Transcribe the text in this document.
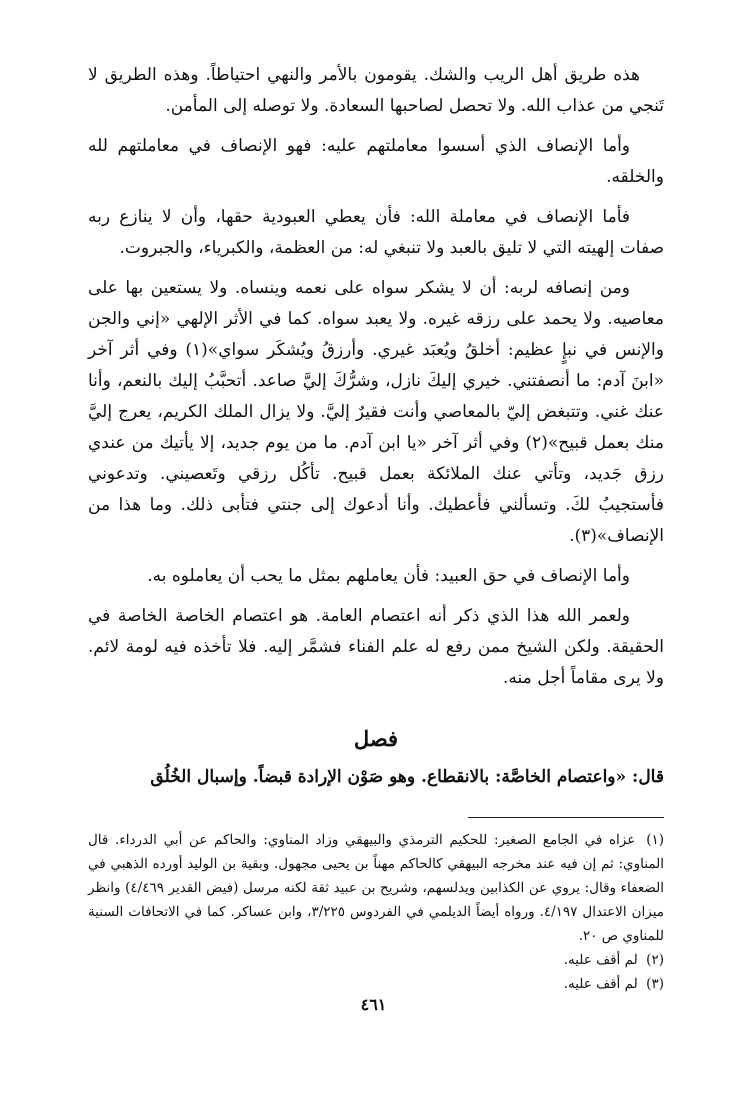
هذه طريق أهل الريب والشك. يقومون بالأمر والنهي احتياطاً. وهذه الطريق لا تَنجي من عذاب الله. ولا تحصل لصاحبها السعادة. ولا توصله إلى المأمن.

وأما الإنصاف الذي أسسوا معاملتهم عليه: فهو الإنصاف في معاملتهم لله والخلقه.

فأما الإنصاف في معاملة الله: فأن يعطي العبودية حقها، وأن لا ينازع ربه صفات إلهيته التي لا تليق بالعبد ولا تنبغي له: من العظمة، والكبرياء، والجبروت.

ومن إنصافه لربه: أن لا يشكر سواه على نعمه وينساه. ولا يستعين بها على معاصيه. ولا يحمد على رزقه غيره. ولا يعبد سواه. كما في الأثر الإلهي «إني والجن والإنس في نبإٍ عظيم: أخلقُ ويُعبَد غيري. وأرزقُ ويُشكَر سواي»(١) وفي أثر آخر «ابنَ آدم: ما أنصفتني. خيري إليكَ نازل، وشرُّكَ إليَّ صاعد. أتحبَّبُ إليك بالنعم، وأنا عنك غني. وتتبغض إليّ بالمعاصي وأنت فقيرٌ إليَّ. ولا يزال الملك الكريم، يعرج إليَّ منك بعمل قبيح»(٢) وفي أثر آخر «يا ابن آدم. ما من يوم جديد، إلا يأتيك من عندي رزق جَديد، وتأتي عنك الملائكة بعمل قبيح. تأكُل رزقي وتَعصيني. وتدعوني فأستجيبُ لكَ. وتسألني فأعطيك. وأنا أدعوك إلى جنتي فتأبى ذلك. وما هذا من الإنصاف»(٣).

وأما الإنصاف في حق العبيد: فأن يعاملهم بمثل ما يحب أن يعاملوه به.

ولعمر الله هذا الذي ذكر أنه اعتصام العامة. هو اعتصام الخاصة الخاصة في الحقيقة. ولكن الشيخ ممن رفع له علم الفناء فشمَّر إليه. فلا تأخذه فيه لومة لائم. ولا يرى مقاماً أجل منه.

فصل

قال: «واعتصام الخاصَّة: بالانقطاع. وهو صَوْن الإرادة قبضاً. وإسبال الخُلُق

(١) عزاه في الجامع الصغير: للحكيم الترمذي والبيهقي وزاد المناوي: والحاكم عن أبي الدرداء. قال المناوي: ثم إن فيه عند مخرجه البيهقي كالحاكم مهناً بن يحيى مجهول. وبقية بن الوليد أورده الذهبي في الضعفاء وقال: يروي عن الكذابين ويدلسهم، وشريح بن عبيد ثقة لكنه مرسل (فيض القدير ٤/٤٦٩) وانظر ميزان الاعتدال ٤/١٩٧. ورواه أيضاً الديلمي في الفردوس ٣/٢٢٥، وابن عساكر. كما في الاتحافات السنية للمناوي ص ٢٠.

(٢) لم أقف عليه.

(٣) لم أقف عليه.

٤٦١
